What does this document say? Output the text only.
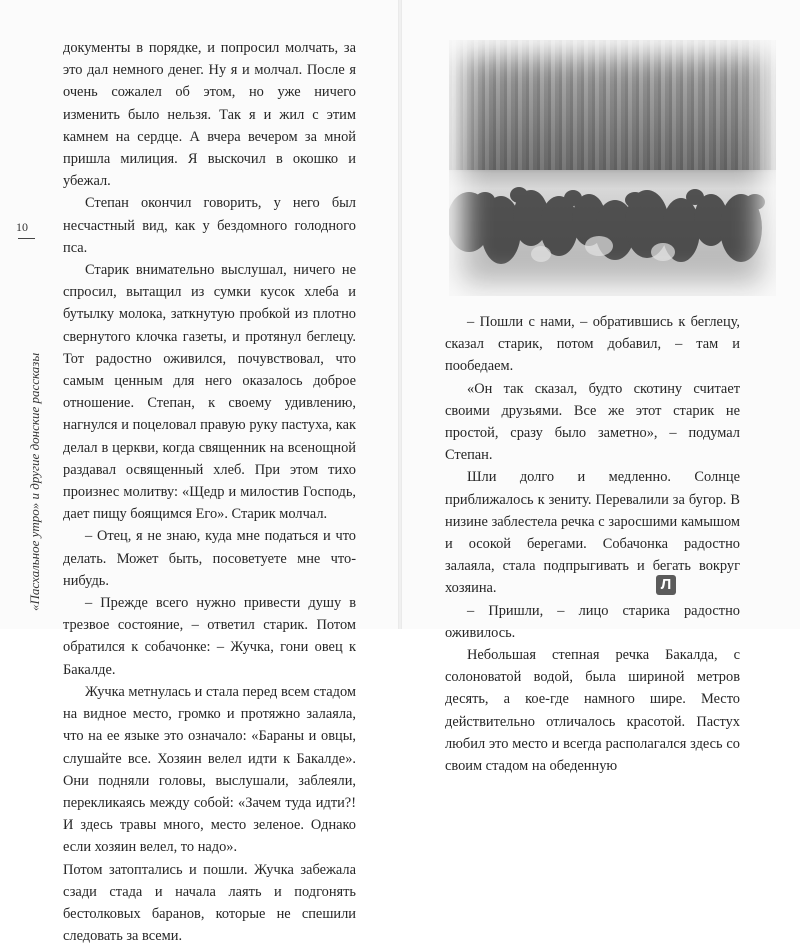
10
«Пасхальное утро» и другие донские рассказы

документы в порядке, и попросил молчать, за это дал немного денег. Ну я и молчал. После я очень сожалел об этом, но уже ничего изменить было нельзя. Так я и жил с этим камнем на сердце. А вчера вечером за мной пришла милиция. Я выскочил в окошко и убежал.

Степан окончил говорить, у него был несчастный вид, как у бездомного голодного пса.

Старик внимательно выслушал, ничего не спросил, вытащил из сумки кусок хлеба и бутылку молока, заткнутую пробкой из плотно свернутого клочка газеты, и протянул беглецу. Тот радостно оживился, почувствовал, что самым ценным для него оказалось доброе отношение. Степан, к своему удивлению, нагнулся и поцеловал правую руку пастуха, как делал в церкви, когда священник на всенощной раздавал освященный хлеб. При этом тихо произнес молитву: «Щедр и милостив Господь, дает пищу боящимся Его». Старик молчал.

– Отец, я не знаю, куда мне податься и что делать. Может быть, посоветуете мне что-нибудь.

– Прежде всего нужно привести душу в трезвое состояние, – ответил старик. Потом обратился к собачонке: – Жучка, гони овец к Бакалде.

Жучка метнулась и стала перед всем стадом на видное место, громко и протяжно залаяла, что на ее языке это означало: «Бараны и овцы, слушайте все. Хозяин велел идти к Бакалде». Они подняли головы, выслушали, заблеяли, перекликаясь между собой: «Зачем туда идти?! И здесь травы много, место зеленое. Однако если хозяин велел, то надо».

Потом затоптались и пошли. Жучка забежала сзади стада и начала лаять и подгонять бестолковых баранов, которые не спешили следовать за всеми.

– Пошли с нами, – обратившись к беглецу, сказал старик, потом добавил, – там и пообедаем.

«Он так сказал, будто скотину считает своими друзьями. Все же этот старик не простой, сразу было заметно», – подумал Степан.

Шли долго и медленно. Солнце приближалось к зениту. Перевалили за бугор. В низине заблестела речка с заросшими камышом и осокой берегами. Собачонка радостно залаяла, стала подпрыгивать и бегать вокруг хозяина.

– Пришли, – лицо старика радостно оживилось.

Небольшая степная речка Бакалда, с солоноватой водой, была шириной метров десять, а кое-где намного шире. Место действительно отличалось красотой. Пастух любил это место и всегда располагался здесь со своим стадом на обеденную

Л
